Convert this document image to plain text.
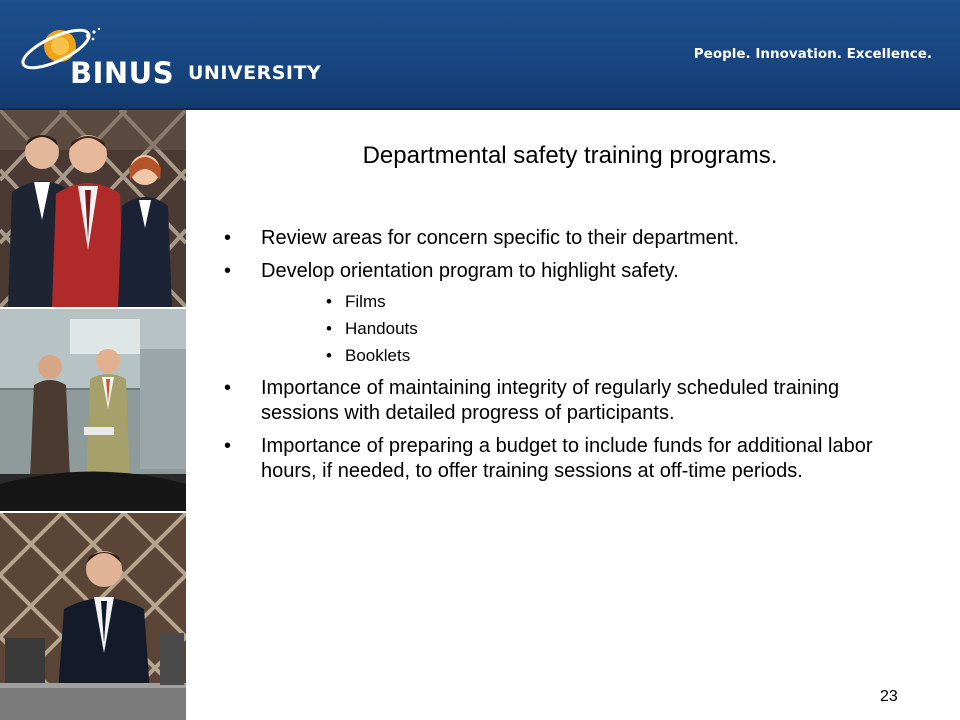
BINUS UNIVERSITY
People. Innovation. Excellence.
Departmental safety training programs.
• Review areas for concern specific to their department.
• Develop orientation program to highlight safety.
• Films
• Handouts
• Booklets
• Importance of maintaining integrity of regularly scheduled training sessions with detailed progress of participants.
• Importance of preparing a budget to include funds for additional labor hours, if needed, to offer training sessions at off-time periods.
23
